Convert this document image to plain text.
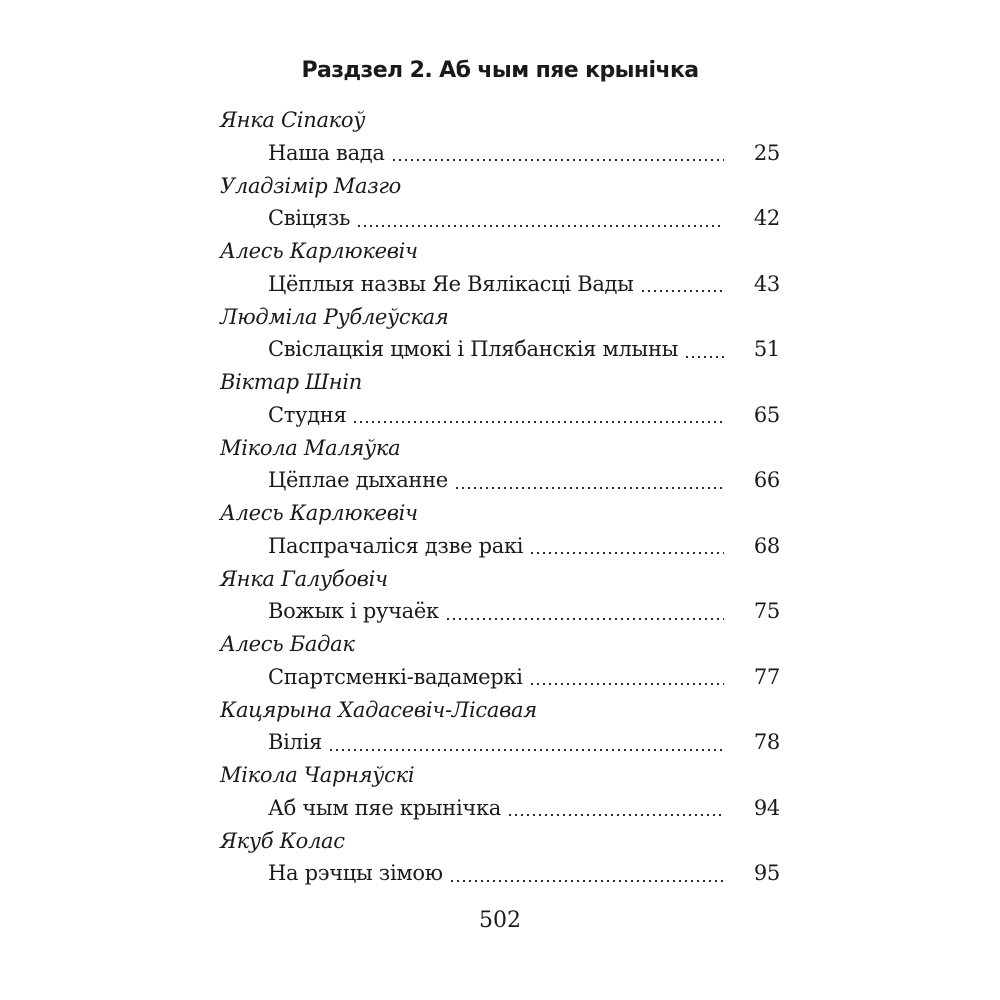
Раздзел 2. Аб чым пяе крынічка
Янка Сіпакоў
Наша вада	25
Уладзімір Мазго
Свіцязь	42
Алесь Карлюкевіч
Цёплыя назвы Яе Вялікасці Вады	43
Людміла Рублеўская
Свіслацкія цмокі і Плябанскія млыны	51
Віктар Шніп
Студня	65
Мікола Маляўка
Цёплае дыханне	66
Алесь Карлюкевіч
Паспрачаліся дзве ракі	68
Янка Галубовіч
Вожык і ручаёк	75
Алесь Бадак
Спартсменкі-вадамеркі	77
Кацярына Хадасевіч-Лісавая
Вілія	78
Мікола Чарняўскі
Аб чым пяе крынічка	94
Якуб Колас
На рэчцы зімою	95

502
